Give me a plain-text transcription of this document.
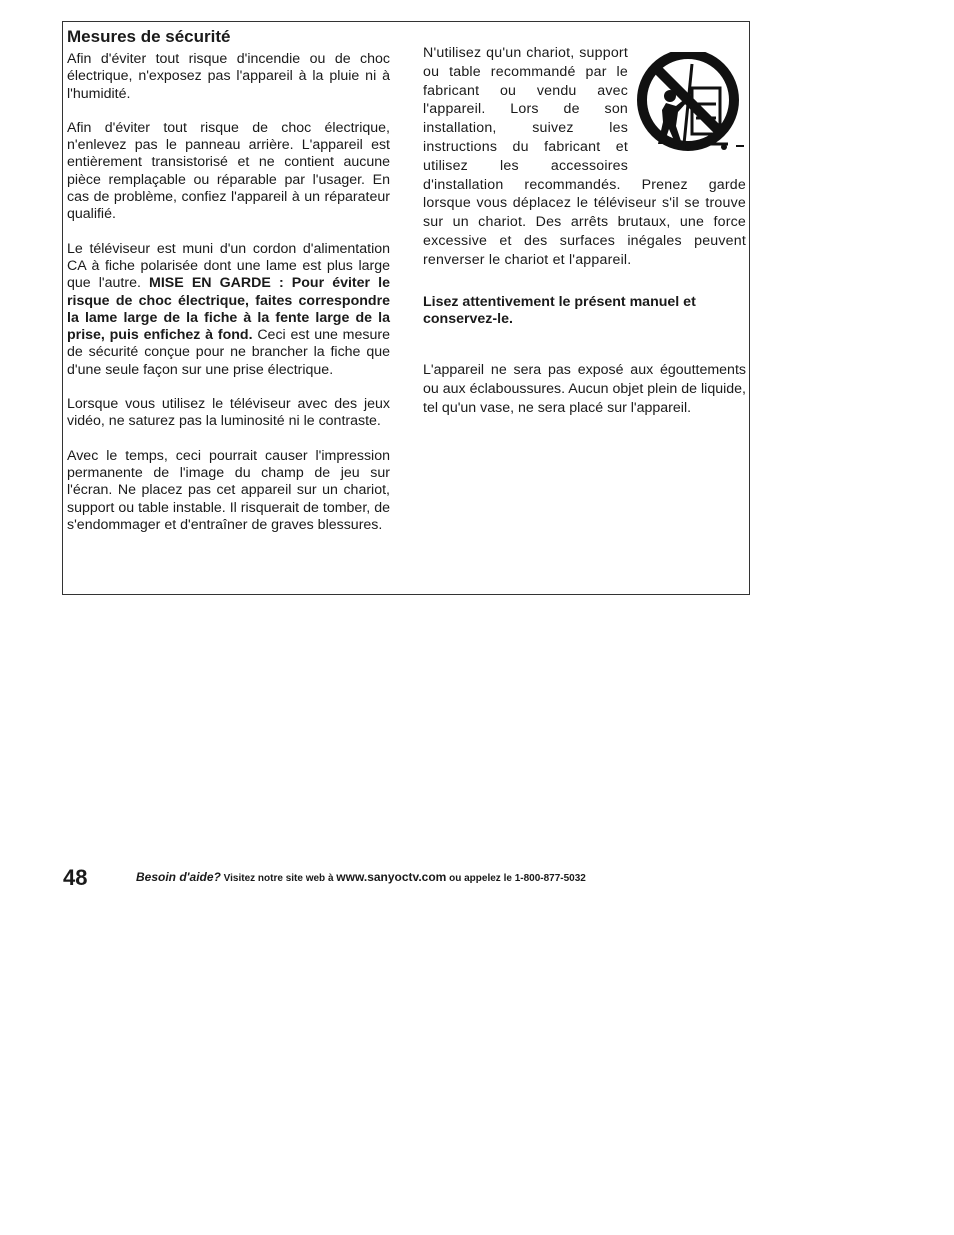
Mesures de sécurité

Afin d'éviter tout risque d'incendie ou de choc électrique, n'exposez pas l'appareil à la pluie ni à l'humidité.

Afin d'éviter tout risque de choc électrique, n'enlevez pas le panneau arrière. L'appareil est entièrement transistorisé et ne contient aucune pièce remplaçable ou réparable par l'usager. En cas de problème, confiez l'appareil à un réparateur qualifié.

Le téléviseur est muni d'un cordon d'alimentation CA à fiche polarisée dont une lame est plus large que l'autre. MISE EN GARDE : Pour éviter le risque de choc électrique, faites correspondre la lame large de la fiche à la fente large de la prise, puis enfichez à fond. Ceci est une mesure de sécurité conçue pour ne brancher la fiche que d'une seule façon sur une prise électrique.

Lorsque vous utilisez le téléviseur avec des jeux vidéo, ne saturez pas la luminosité ni le contraste.

Avec le temps, ceci pourrait causer l'impression permanente de l'image du champ de jeu sur l'écran. Ne placez pas cet appareil sur un chariot, support ou table instable. Il risquerait de tomber, de s'endommager et d'entraîner de graves blessures.

N'utilisez qu'un chariot, support ou table recommandé par le fabricant ou vendu avec l'appareil. Lors de son installation, suivez les instructions du fabricant et utilisez les accessoires d'installation recommandés. Prenez garde lorsque vous déplacez le téléviseur s'il se trouve sur un chariot. Des arrêts brutaux, une force excessive et des surfaces inégales peuvent renverser le chariot et l'appareil.

Lisez attentivement le présent manuel et conservez-le.

L'appareil ne sera pas exposé aux égouttements ou aux éclaboussures. Aucun objet plein de liquide, tel qu'un vase, ne sera placé sur l'appareil.

48	Besoin d'aide? Visitez notre site web à www.sanyoctv.com ou appelez le 1-800-877-5032
